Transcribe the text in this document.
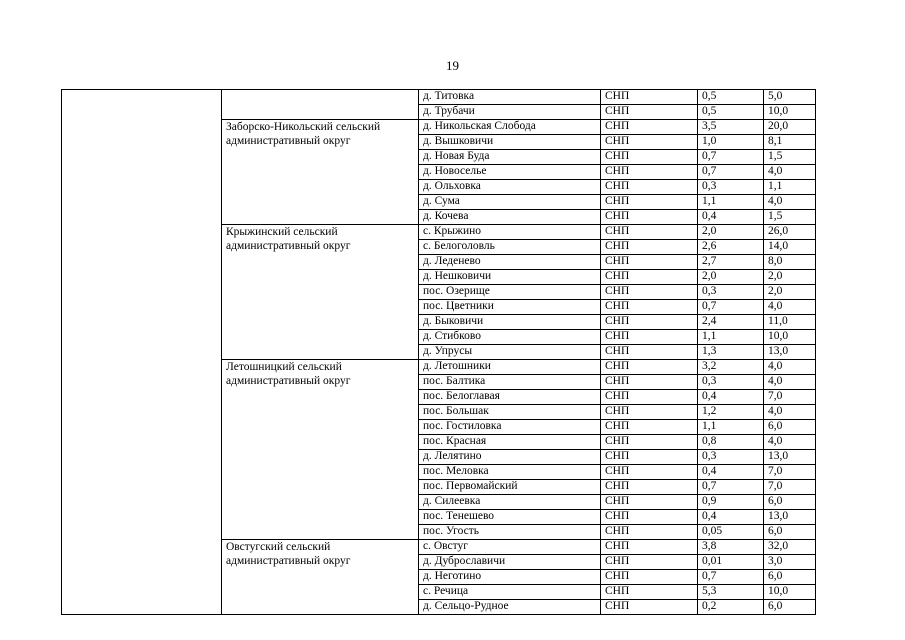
19
		д. Титовка	СНП	0,5	5,0
		д. Трубачи	СНП	0,5	10,0
	Заборско-Никольский сельский административный округ	д. Никольская Слобода	СНП	3,5	20,0
		д. Вышковичи	СНП	1,0	8,1
		д. Новая Буда	СНП	0,7	1,5
		д. Новоселье	СНП	0,7	4,0
		д. Ольховка	СНП	0,3	1,1
		д. Сума	СНП	1,1	4,0
		д. Кочева	СНП	0,4	1,5
	Крыжинский сельский административный округ	с. Крыжино	СНП	2,0	26,0
		с. Белоголовль	СНП	2,6	14,0
		д. Леденево	СНП	2,7	8,0
		д. Нешковичи	СНП	2,0	2,0
		пос. Озерище	СНП	0,3	2,0
		пос. Цветники	СНП	0,7	4,0
		д. Быковичи	СНП	2,4	11,0
		д. Стибково	СНП	1,1	10,0
		д. Упрусы	СНП	1,3	13,0
	Летошницкий сельский административный округ	д. Летошники	СНП	3,2	4,0
		пос. Балтика	СНП	0,3	4,0
		пос. Белоглавая	СНП	0,4	7,0
		пос. Большак	СНП	1,2	4,0
		пос. Гостиловка	СНП	1,1	6,0
		пос. Красная	СНП	0,8	4,0
		д. Лелятино	СНП	0,3	13,0
		пос. Меловка	СНП	0,4	7,0
		пос. Первомайский	СНП	0,7	7,0
		д. Силеевка	СНП	0,9	6,0
		пос. Тенешево	СНП	0,4	13,0
		пос. Угость	СНП	0,05	6,0
	Овстугский сельский административный округ	с. Овстуг	СНП	3,8	32,0
		д. Дуброславичи	СНП	0,01	3,0
		д. Неготино	СНП	0,7	6,0
		с. Речица	СНП	5,3	10,0
		д. Сельцо-Рудное	СНП	0,2	6,0
